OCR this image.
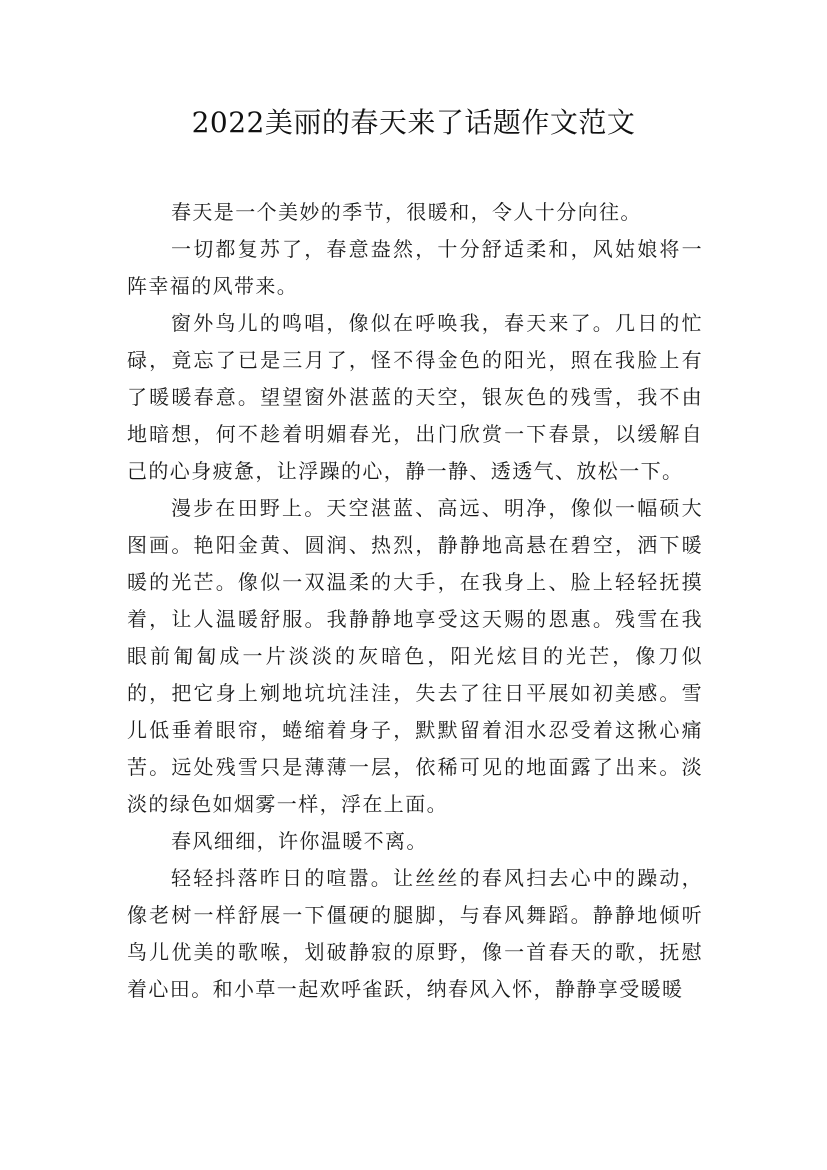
2022美丽的春天来了话题作文范文

春天是一个美妙的季节，很暖和，令人十分向往。

一切都复苏了，春意盎然，十分舒适柔和，风姑娘将一阵幸福的风带来。

窗外鸟儿的鸣唱，像似在呼唤我，春天来了。几日的忙碌，竟忘了已是三月了，怪不得金色的阳光，照在我脸上有了暖暖春意。望望窗外湛蓝的天空，银灰色的残雪，我不由地暗想，何不趁着明媚春光，出门欣赏一下春景，以缓解自己的心身疲惫，让浮躁的心，静一静、透透气、放松一下。

漫步在田野上。天空湛蓝、高远、明净，像似一幅硕大图画。艳阳金黄、圆润、热烈，静静地高悬在碧空，洒下暖暖的光芒。像似一双温柔的大手，在我身上、脸上轻轻抚摸着，让人温暖舒服。我静静地享受这天赐的恩惠。残雪在我眼前匍匐成一片淡淡的灰暗色，阳光炫目的光芒，像刀似的，把它身上剜地坑坑洼洼，失去了往日平展如初美感。雪儿低垂着眼帘，蜷缩着身子，默默留着泪水忍受着这揪心痛苦。远处残雪只是薄薄一层，依稀可见的地面露了出来。淡淡的绿色如烟雾一样，浮在上面。

春风细细，许你温暖不离。

轻轻抖落昨日的喧嚣。让丝丝的春风扫去心中的躁动，像老树一样舒展一下僵硬的腿脚，与春风舞蹈。静静地倾听鸟儿优美的歌喉，划破静寂的原野，像一首春天的歌，抚慰着心田。和小草一起欢呼雀跃，纳春风入怀，静静享受暖暖
